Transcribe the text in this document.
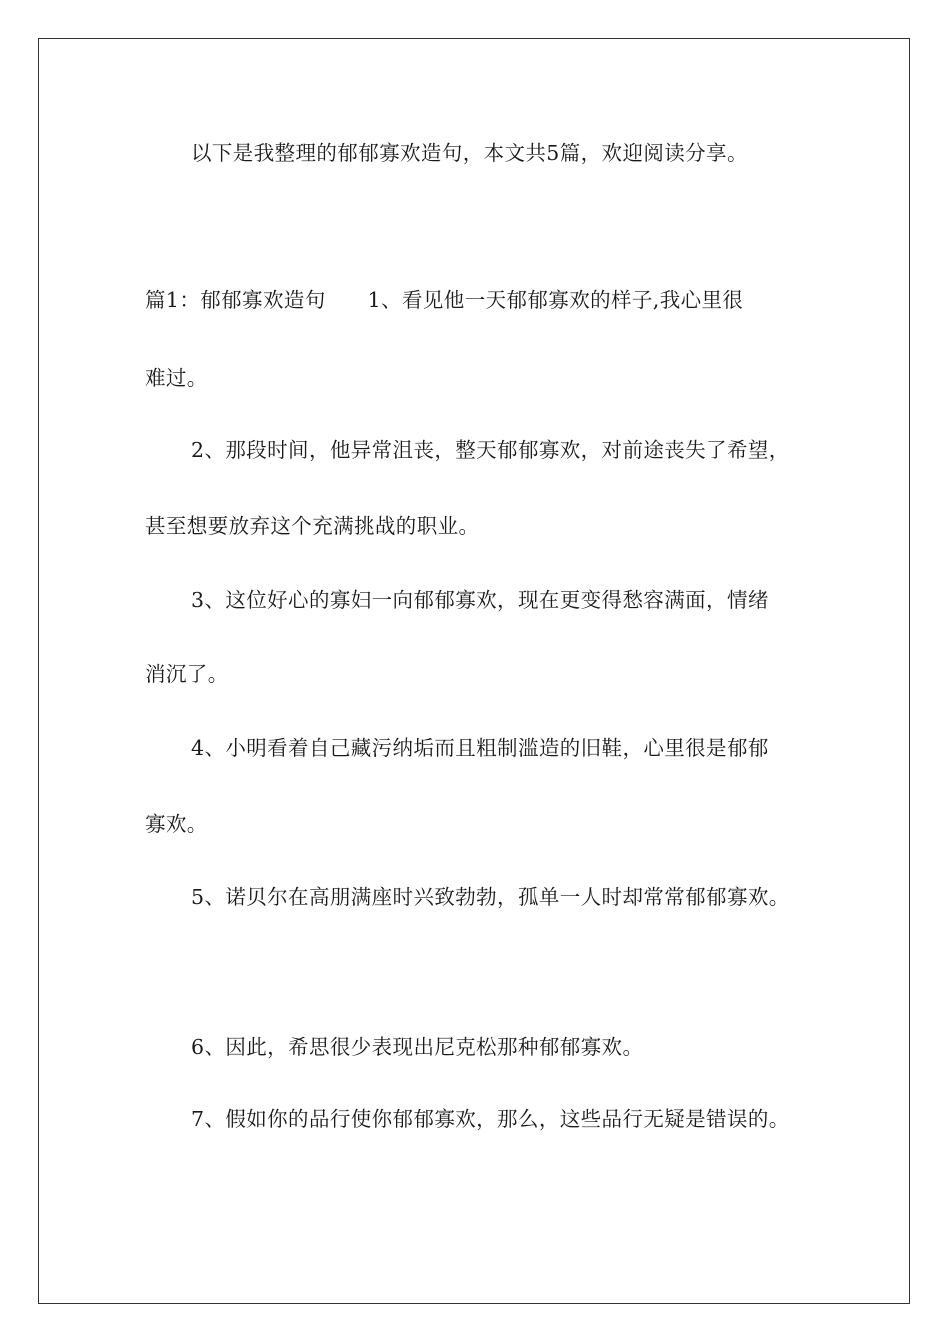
以下是我整理的郁郁寡欢造句，本文共5篇，欢迎阅读分享。
篇1：郁郁寡欢造句 1、看见他一天郁郁寡欢的样子,我心里很
难过。
2、那段时间，他异常沮丧，整天郁郁寡欢，对前途丧失了希望，
甚至想要放弃这个充满挑战的职业。
3、这位好心的寡妇一向郁郁寡欢，现在更变得愁容满面，情绪
消沉了。
4、小明看着自己藏污纳垢而且粗制滥造的旧鞋，心里很是郁郁
寡欢。
5、诺贝尔在高朋满座时兴致勃勃，孤单一人时却常常郁郁寡欢。
6、因此，希思很少表现出尼克松那种郁郁寡欢。
7、假如你的品行使你郁郁寡欢，那么，这些品行无疑是错误的。
